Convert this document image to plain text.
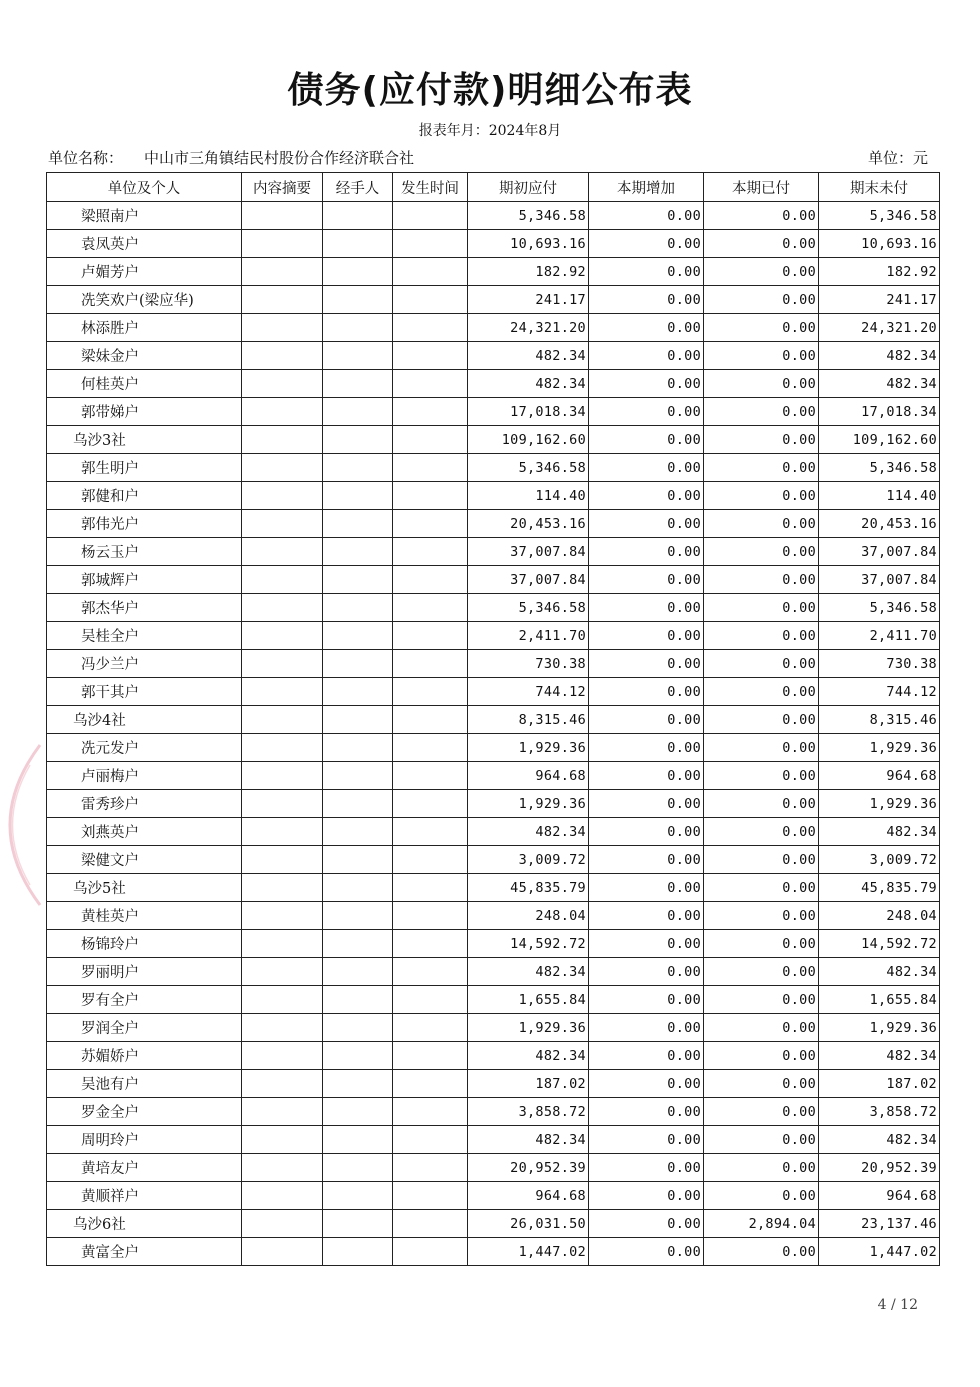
债务(应付款)明细公布表
报表年月：2024年8月
单位名称： 中山市三角镇结民村股份合作经济联合社	单位：元
单位及个人	内容摘要	经手人	发生时间	期初应付	本期增加	本期已付	期末未付
梁照南户				5,346.58	0.00	0.00	5,346.58
袁凤英户				10,693.16	0.00	0.00	10,693.16
卢媚芳户				182.92	0.00	0.00	182.92
冼笑欢户(梁应华)				241.17	0.00	0.00	241.17
林添胜户				24,321.20	0.00	0.00	24,321.20
梁妹金户				482.34	0.00	0.00	482.34
何桂英户				482.34	0.00	0.00	482.34
郭带娣户				17,018.34	0.00	0.00	17,018.34
乌沙3社				109,162.60	0.00	0.00	109,162.60
郭生明户				5,346.58	0.00	0.00	5,346.58
郭健和户				114.40	0.00	0.00	114.40
郭伟光户				20,453.16	0.00	0.00	20,453.16
杨云玉户				37,007.84	0.00	0.00	37,007.84
郭城辉户				37,007.84	0.00	0.00	37,007.84
郭杰华户				5,346.58	0.00	0.00	5,346.58
吴桂全户				2,411.70	0.00	0.00	2,411.70
冯少兰户				730.38	0.00	0.00	730.38
郭干其户				744.12	0.00	0.00	744.12
乌沙4社				8,315.46	0.00	0.00	8,315.46
冼元发户				1,929.36	0.00	0.00	1,929.36
卢丽梅户				964.68	0.00	0.00	964.68
雷秀珍户				1,929.36	0.00	0.00	1,929.36
刘燕英户				482.34	0.00	0.00	482.34
梁健文户				3,009.72	0.00	0.00	3,009.72
乌沙5社				45,835.79	0.00	0.00	45,835.79
黄桂英户				248.04	0.00	0.00	248.04
杨锦玲户				14,592.72	0.00	0.00	14,592.72
罗丽明户				482.34	0.00	0.00	482.34
罗有全户				1,655.84	0.00	0.00	1,655.84
罗润全户				1,929.36	0.00	0.00	1,929.36
苏媚娇户				482.34	0.00	0.00	482.34
吴池有户				187.02	0.00	0.00	187.02
罗金全户				3,858.72	0.00	0.00	3,858.72
周明玲户				482.34	0.00	0.00	482.34
黄培友户				20,952.39	0.00	0.00	20,952.39
黄顺祥户				964.68	0.00	0.00	964.68
乌沙6社				26,031.50	0.00	2,894.04	23,137.46
黄富全户				1,447.02	0.00	0.00	1,447.02
4 / 12
